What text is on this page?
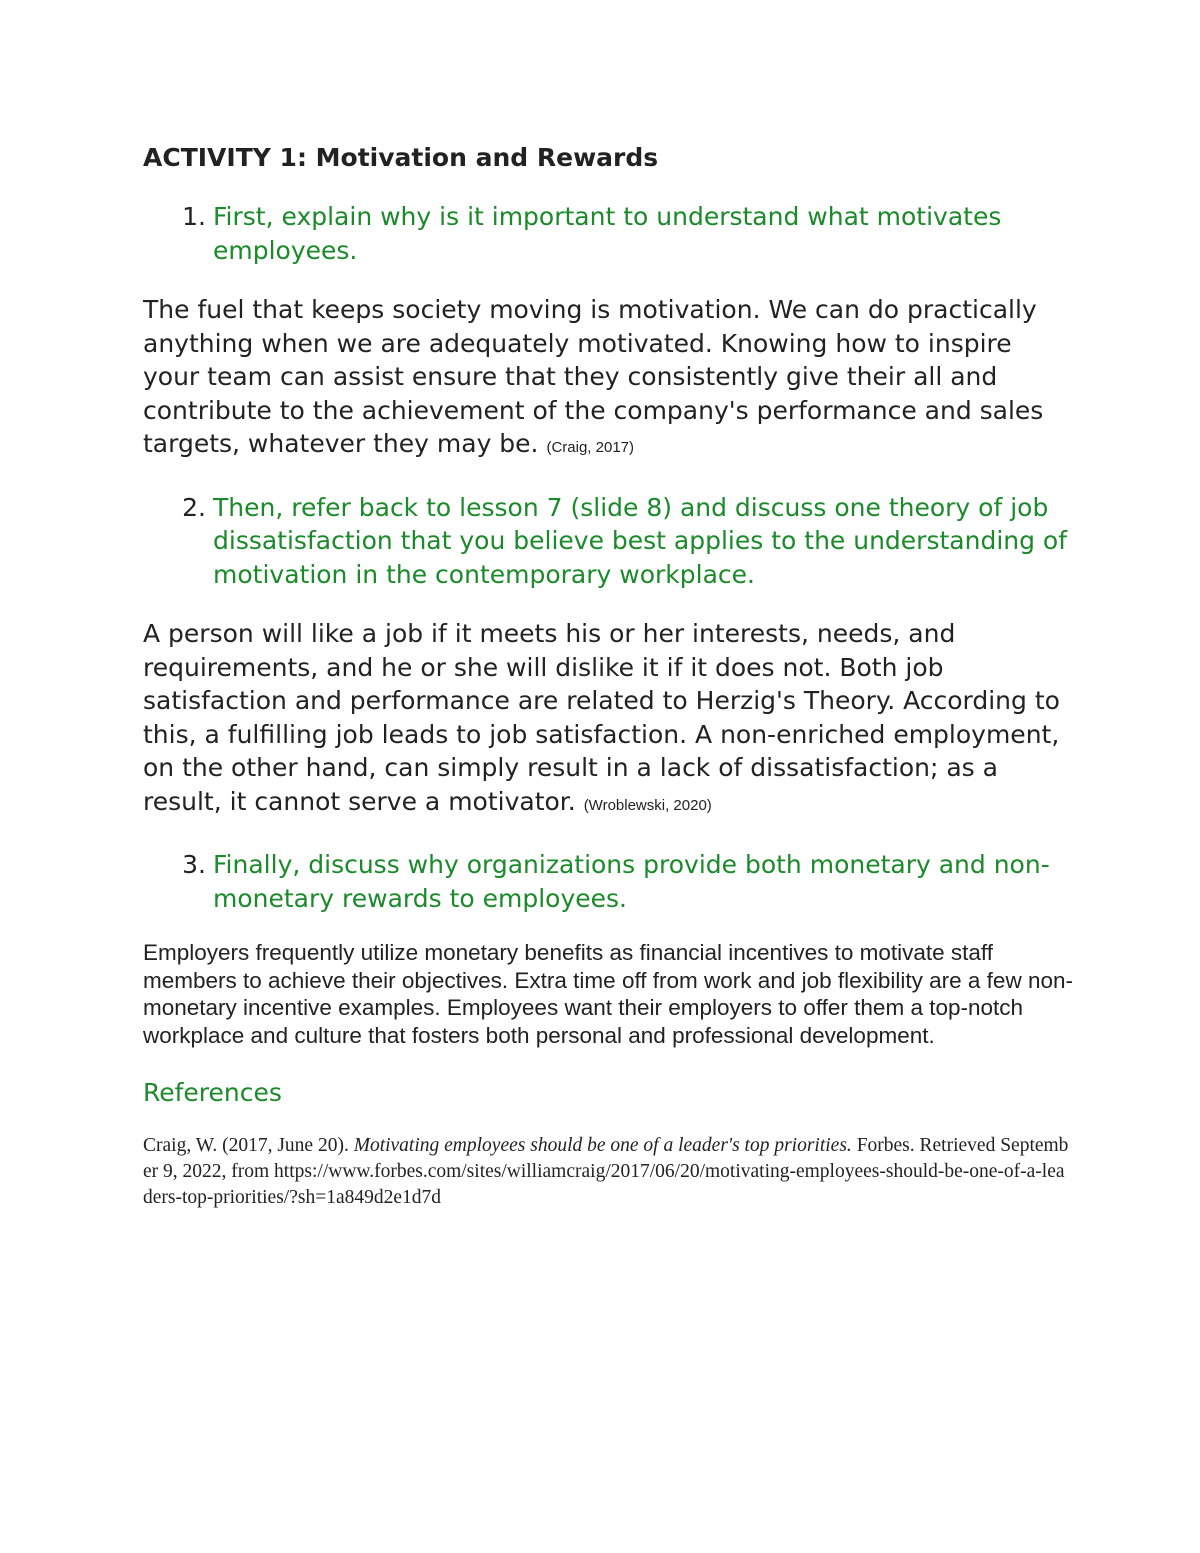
ACTIVITY 1: Motivation and Rewards
1. First, explain why is it important to understand what motivates employees.

The fuel that keeps society moving is motivation. We can do practically anything when we are adequately motivated. Knowing how to inspire your team can assist ensure that they consistently give their all and contribute to the achievement of the company's performance and sales targets, whatever they may be. (Craig, 2017)

2. Then, refer back to lesson 7 (slide 8) and discuss one theory of job dissatisfaction that you believe best applies to the understanding of motivation in the contemporary workplace.

A person will like a job if it meets his or her interests, needs, and requirements, and he or she will dislike it if it does not. Both job satisfaction and performance are related to Herzig's Theory. According to this, a fulfilling job leads to job satisfaction. A non-enriched employment, on the other hand, can simply result in a lack of dissatisfaction; as a result, it cannot serve a motivator. (Wroblewski, 2020)

3. Finally, discuss why organizations provide both monetary and non-monetary rewards to employees.

Employers frequently utilize monetary benefits as financial incentives to motivate staff members to achieve their objectives. Extra time off from work and job flexibility are a few non-monetary incentive examples. Employees want their employers to offer them a top-notch workplace and culture that fosters both personal and professional development.

References

Craig, W. (2017, June 20). Motivating employees should be one of a leader's top priorities. Forbes. Retrieved September 9, 2022, from https://www.forbes.com/sites/williamcraig/2017/06/20/motivating-employees-should-be-one-of-a-leaders-top-priorities/?sh=1a849d2e1d7d
